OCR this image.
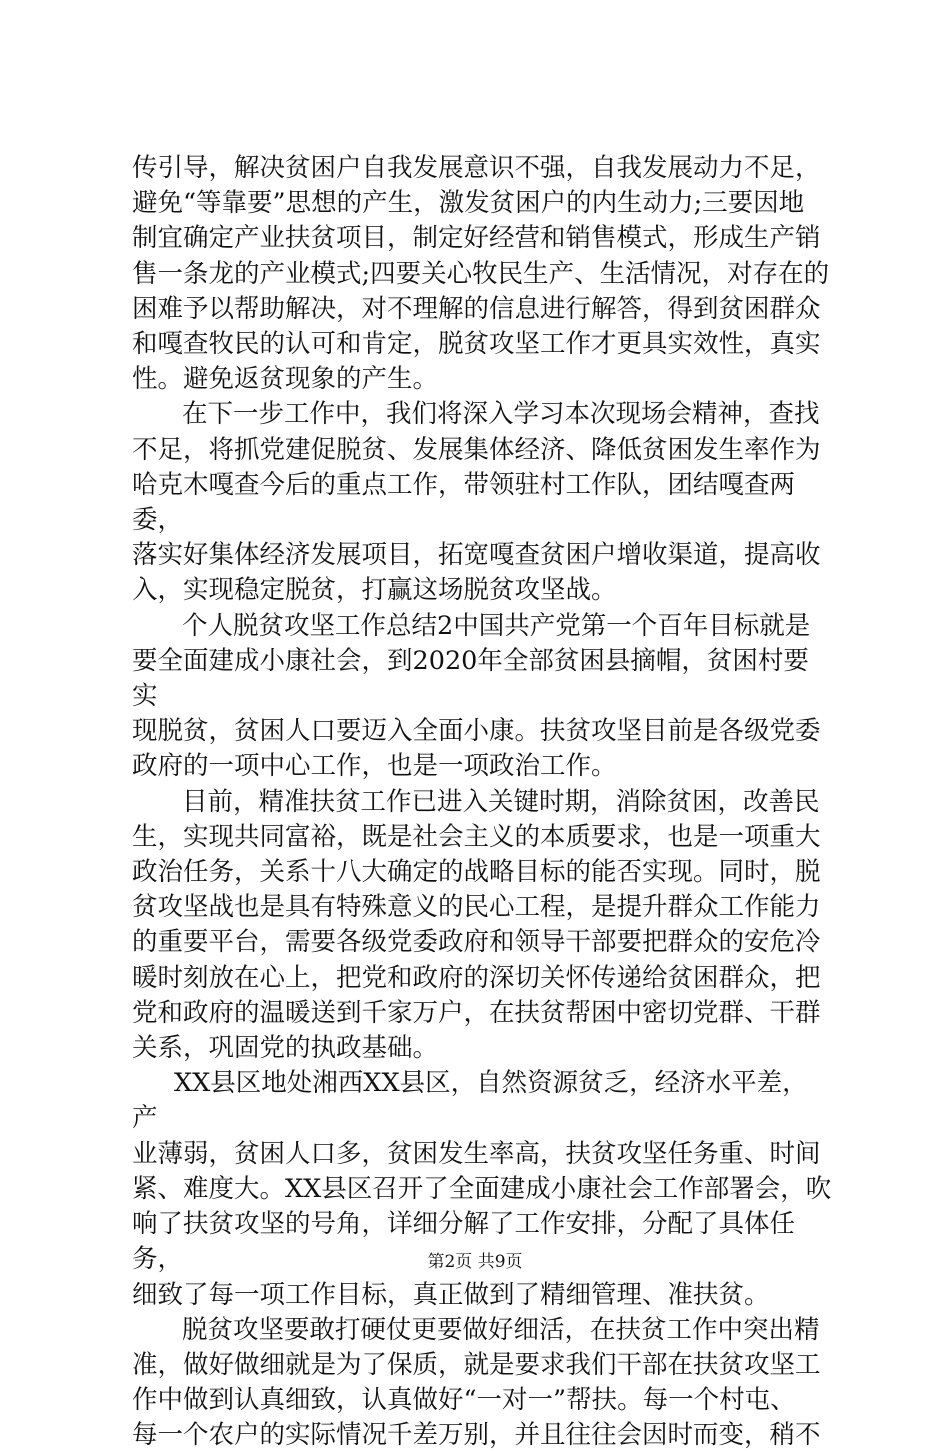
传引导，解决贫困户自我发展意识不强，自我发展动力不足，
避免“等靠要”思想的产生，激发贫困户的内生动力;三要因地
制宜确定产业扶贫项目，制定好经营和销售模式，形成生产销
售一条龙的产业模式;四要关心牧民生产、生活情况，对存在的
困难予以帮助解决，对不理解的信息进行解答，得到贫困群众
和嘎查牧民的认可和肯定，脱贫攻坚工作才更具实效性，真实
性。避免返贫现象的产生。

在下一步工作中，我们将深入学习本次现场会精神，查找
不足，将抓党建促脱贫、发展集体经济、降低贫困发生率作为
哈克木嘎查今后的重点工作，带领驻村工作队，团结嘎查两委，
落实好集体经济发展项目，拓宽嘎查贫困户增收渠道，提高收
入，实现稳定脱贫，打赢这场脱贫攻坚战。

个人脱贫攻坚工作总结2中国共产党第一个百年目标就是
要全面建成小康社会，到2020年全部贫困县摘帽，贫困村要实
现脱贫，贫困人口要迈入全面小康。扶贫攻坚目前是各级党委
政府的一项中心工作，也是一项政治工作。

目前，精准扶贫工作已进入关键时期，消除贫困，改善民
生，实现共同富裕，既是社会主义的本质要求，也是一项重大
政治任务，关系十八大确定的战略目标的能否实现。同时，脱
贫攻坚战也是具有特殊意义的民心工程，是提升群众工作能力
的重要平台，需要各级党委政府和领导干部要把群众的安危冷
暖时刻放在心上，把党和政府的深切关怀传递给贫困群众，把
党和政府的温暖送到千家万户，在扶贫帮困中密切党群、干群
关系，巩固党的执政基础。

XX县区地处湘西XX县区，自然资源贫乏，经济水平差，产
业薄弱，贫困人口多，贫困发生率高，扶贫攻坚任务重、时间
紧、难度大。XX县区召开了全面建成小康社会工作部署会，吹
响了扶贫攻坚的号角，详细分解了工作安排，分配了具体任务，
细致了每一项工作目标，真正做到了精细管理、准扶贫。

脱贫攻坚要敢打硬仗更要做好细活，在扶贫工作中突出精
准，做好做细就是为了保质，就是要求我们干部在扶贫攻坚工
作中做到认真细致，认真做好“一对一”帮扶。每一个村屯、
每一个农户的实际情况千差万别，并且往往会因时而变，稍不

第2页 共9页
